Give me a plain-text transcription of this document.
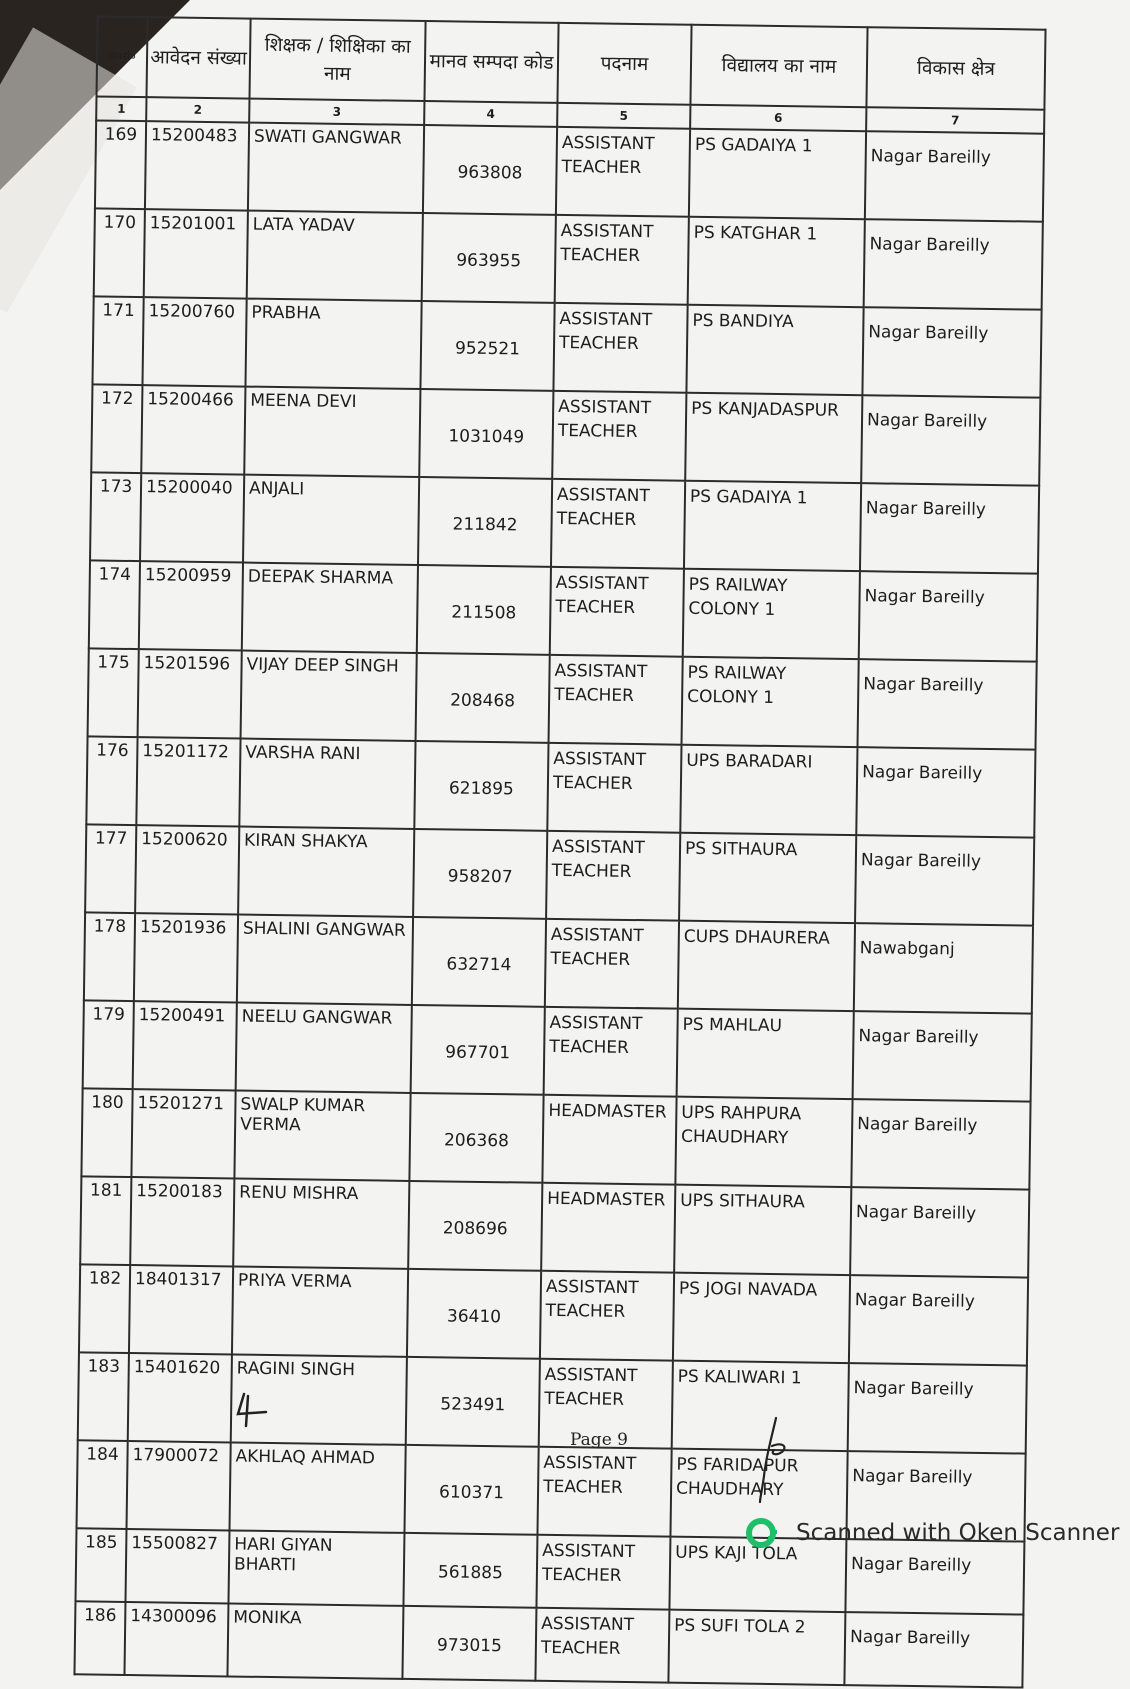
क्र०सं०	आवेदन संख्या	शिक्षक / शिक्षिका का नाम	मानव सम्पदा कोड	पदनाम	विद्यालय का नाम	विकास क्षेत्र
1	2	3	4	5	6	7
169	15200483	SWATI GANGWAR	963808	ASSISTANT TEACHER	PS GADAIYA 1	Nagar Bareilly
170	15201001	LATA YADAV	963955	ASSISTANT TEACHER	PS KATGHAR 1	Nagar Bareilly
171	15200760	PRABHA	952521	ASSISTANT TEACHER	PS BANDIYA	Nagar Bareilly
172	15200466	MEENA DEVI	1031049	ASSISTANT TEACHER	PS KANJADASPUR	Nagar Bareilly
173	15200040	ANJALI	211842	ASSISTANT TEACHER	PS GADAIYA 1	Nagar Bareilly
174	15200959	DEEPAK SHARMA	211508	ASSISTANT TEACHER	PS RAILWAY COLONY 1	Nagar Bareilly
175	15201596	VIJAY DEEP SINGH	208468	ASSISTANT TEACHER	PS RAILWAY COLONY 1	Nagar Bareilly
176	15201172	VARSHA RANI	621895	ASSISTANT TEACHER	UPS BARADARI	Nagar Bareilly
177	15200620	KIRAN SHAKYA	958207	ASSISTANT TEACHER	PS SITHAURA	Nagar Bareilly
178	15201936	SHALINI GANGWAR	632714	ASSISTANT TEACHER	CUPS DHAURERA	Nawabganj
179	15200491	NEELU GANGWAR	967701	ASSISTANT TEACHER	PS MAHLAU	Nagar Bareilly
180	15201271	SWALP KUMAR VERMA	206368	HEADMASTER	UPS RAHPURA CHAUDHARY	Nagar Bareilly
181	15200183	RENU MISHRA	208696	HEADMASTER	UPS SITHAURA	Nagar Bareilly
182	18401317	PRIYA VERMA	36410	ASSISTANT TEACHER	PS JOGI NAVADA	Nagar Bareilly
183	15401620	RAGINI SINGH	523491	ASSISTANT TEACHER	PS KALIWARI 1	Nagar Bareilly
184	17900072	AKHLAQ AHMAD	610371	ASSISTANT TEACHER	PS FARIDAPUR CHAUDHARY	Nagar Bareilly
185	15500827	HARI GIYAN BHARTI	561885	ASSISTANT TEACHER	UPS KAJI TOLA	Nagar Bareilly
186	14300096	MONIKA	973015	ASSISTANT TEACHER	PS SUFI TOLA 2	Nagar Bareilly
Page 9
Scanned with Oken Scanner
